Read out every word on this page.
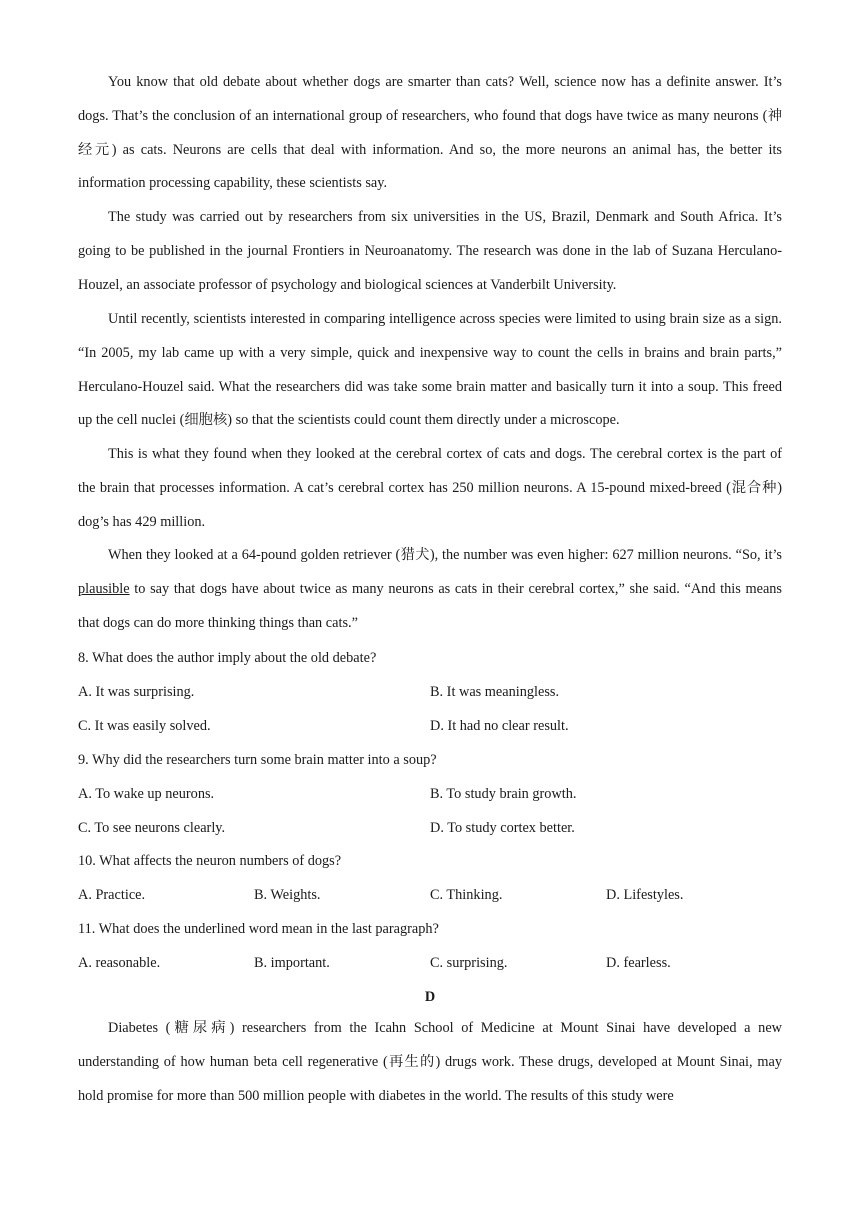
You know that old debate about whether dogs are smarter than cats? Well, science now has a definite answer. It’s dogs. That’s the conclusion of an international group of researchers, who found that dogs have twice as many neurons (神经元) as cats. Neurons are cells that deal with information. And so, the more neurons an animal has, the better its information processing capability, these scientists say.

The study was carried out by researchers from six universities in the US, Brazil, Denmark and South Africa. It’s going to be published in the journal Frontiers in Neuroanatomy. The research was done in the lab of Suzana Herculano-Houzel, an associate professor of psychology and biological sciences at Vanderbilt University.

Until recently, scientists interested in comparing intelligence across species were limited to using brain size as a sign. “In 2005, my lab came up with a very simple, quick and inexpensive way to count the cells in brains and brain parts,” Herculano-Houzel said. What the researchers did was take some brain matter and basically turn it into a soup. This freed up the cell nuclei (细胞核) so that the scientists could count them directly under a microscope.

This is what they found when they looked at the cerebral cortex of cats and dogs. The cerebral cortex is the part of the brain that processes information. A cat’s cerebral cortex has 250 million neurons. A 15-pound mixed-breed (混合种) dog’s has 429 million.

When they looked at a 64-pound golden retriever (猎犬), the number was even higher: 627 million neurons. “So, it’s plausible to say that dogs have about twice as many neurons as cats in their cerebral cortex,” she said. “And this means that dogs can do more thinking things than cats.”

8. What does the author imply about the old debate?

A. It was surprising.	B. It was meaningless.

C. It was easily solved.	D. It had no clear result.

9. Why did the researchers turn some brain matter into a soup?

A. To wake up neurons.	B. To study brain growth.

C. To see neurons clearly.	D. To study cortex better.

10. What affects the neuron numbers of dogs?

A. Practice.	B. Weights.	C. Thinking.	D. Lifestyles.

11. What does the underlined word mean in the last paragraph?

A. reasonable.	B. important.	C. surprising.	D. fearless.

D

Diabetes (糖尿病) researchers from the Icahn School of Medicine at Mount Sinai have developed a new understanding of how human beta cell regenerative (再生的) drugs work. These drugs, developed at Mount Sinai, may hold promise for more than 500 million people with diabetes in the world. The results of this study were
